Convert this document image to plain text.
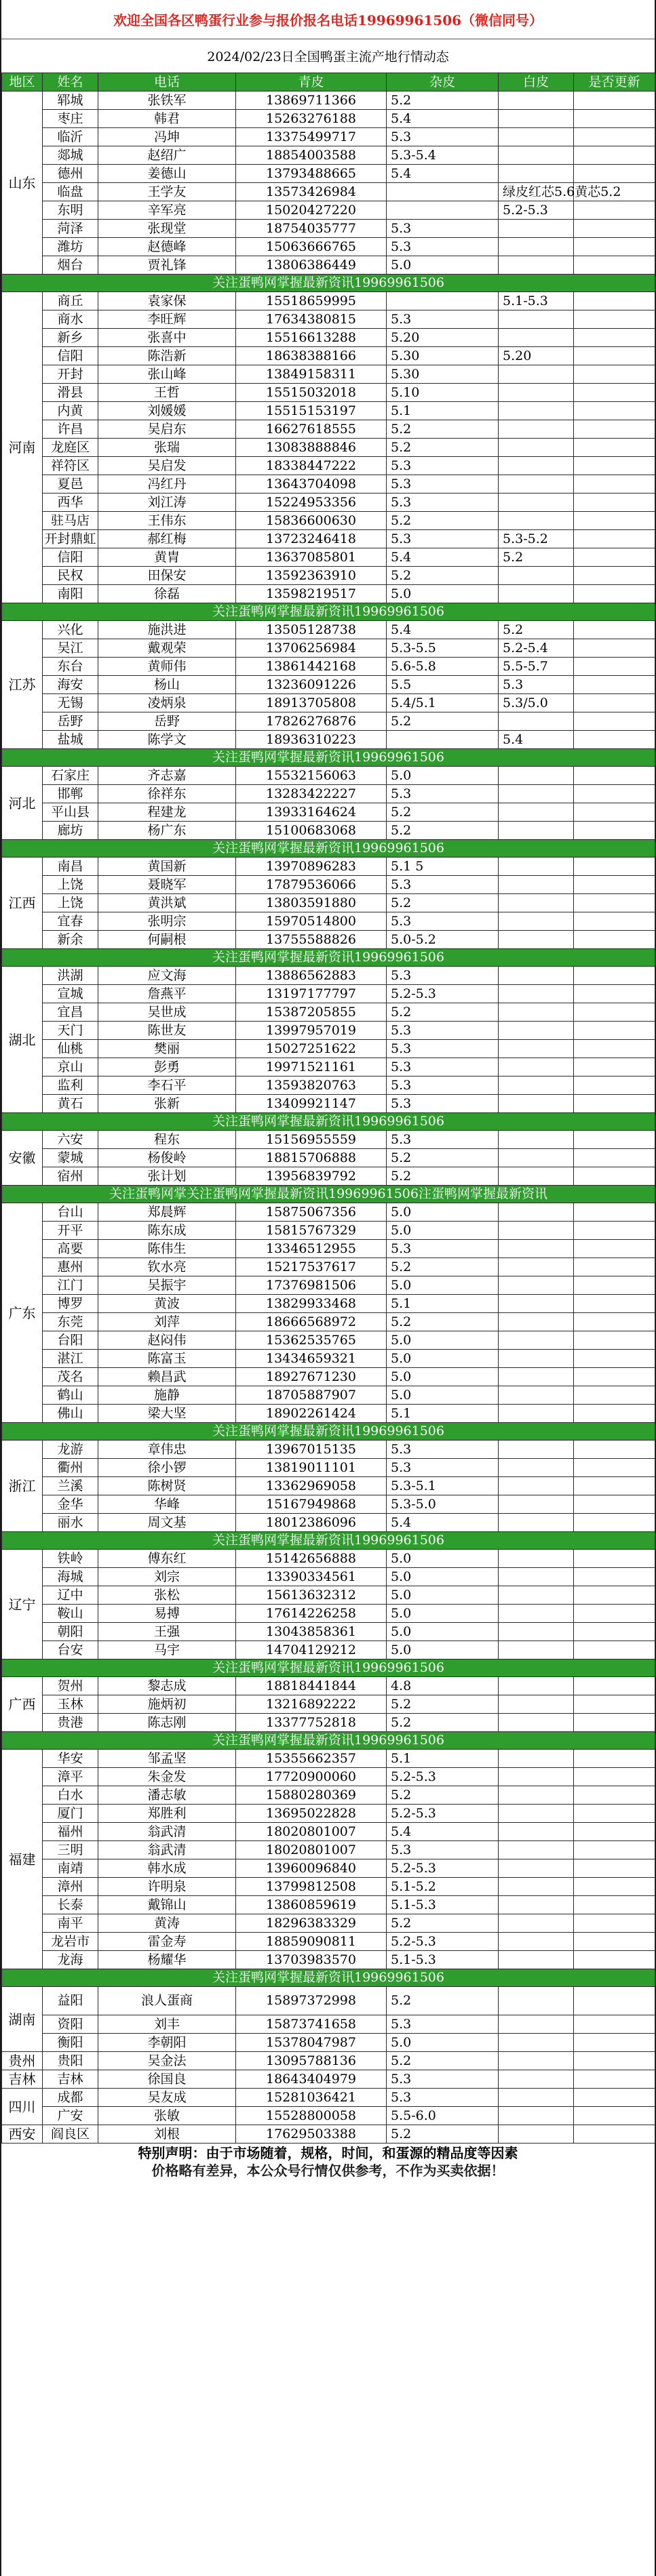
欢迎全国各区鸭蛋行业参与报价报名电话19969961506（微信同号）
2024/02/23日全国鸭蛋主流产地行情动态
地区	姓名	电话	青皮	杂皮	白皮	是否更新	
山东	郓城	张铁军	13869711366	5.2			
	枣庄	韩君	15263276188	5.4			
	临沂	冯坤	13375499717	5.3			
	郯城	赵绍广	18854003588	5.3-5.4			
	德州	姜德山	13793488665	5.4			
	临盘	王学友	13573426984		绿皮红芯5.6黄芯5.2		
	东明	辛军亮	15020427220		5.2-5.3		
	菏泽	张现堂	18754035777	5.3			
	潍坊	赵德峰	15063666765	5.3			
	烟台	贾礼锋	13806386449	5.0			
关注蛋鸭网掌握最新资讯19969961506							
河南	商丘	袁家保	15518659995		5.1-5.3		
	商水	李旺辉	17634380815	5.3			
	新乡	张喜中	15516613288	5.20			
	信阳	陈浩新	18638388166	5.30	5.20		
	开封	张山峰	13849158311	5.30			
	滑县	王哲	15515032018	5.10			
	内黄	刘媛媛	15515153197	5.1			
	许昌	吴启东	16627618555	5.2			
	龙庭区	张瑞	13083888846	5.2			
	祥符区	吴启发	18338447222	5.3			
	夏邑	冯红丹	13643704098	5.3			
	西华	刘江涛	15224953356	5.3			
	驻马店	王伟东	15836600630	5.2			
	开封鼎虹	郝红梅	13723246418	5.3	5.3-5.2		
	信阳	黄胄	13637085801	5.4	5.2		
	民权	田保安	13592363910	5.2			
	南阳	徐磊	13598219517	5.0			
关注蛋鸭网掌握最新资讯19969961506							
江苏	兴化	施洪进	13505128738	5.4	5.2		
	吴江	戴观荣	13706256984	5.3-5.5	5.2-5.4		
	东台	黄师伟	13861442168	5.6-5.8	5.5-5.7		
	海安	杨山	13236091226	5.5	5.3		
	无锡	凌炳泉	18913705808	5.4/5.1	5.3/5.0		
	岳野	岳野	17826276876	5.2			
	盐城	陈学文	18936310223		5.4		
关注蛋鸭网掌握最新资讯19969961506							
河北	石家庄	齐志嘉	15532156063	5.0			
	邯郸	徐祥东	13283422227	5.3			
	平山县	程建龙	13933164624	5.2			
	廊坊	杨广东	15100683068	5.2			
关注蛋鸭网掌握最新资讯19969961506							
江西	南昌	黄国新	13970896283	5.1 5			
	上饶	聂晓军	17879536066	5.3			
	上饶	黄洪斌	13803591880	5.2			
	宜春	张明宗	15970514800	5.3			
	新余	何嗣根	13755588826	5.0-5.2			
关注蛋鸭网掌握最新资讯19969961506							
湖北	洪湖	应文海	13886562883	5.3			
	宣城	詹燕平	13197177797	5.2-5.3			
	宜昌	吴世成	15387205855	5.2			
	天门	陈世友	13997957019	5.3			
	仙桃	樊丽	15027251622	5.3			
	京山	彭勇	19971521161	5.3			
	监利	李石平	13593820763	5.3			
	黄石	张新	13409921147	5.3			
关注蛋鸭网掌握最新资讯19969961506							
安徽	六安	程东	15156955559	5.3			
	蒙城	杨俊岭	18815706888	5.2			
	宿州	张计划	13956839792	5.2			
关注蛋鸭网掌关注蛋鸭网掌握最新资讯19969961506注蛋鸭网掌握最新资讯							
广东	台山	郑晨辉	15875067356	5.0			
	开平	陈东成	15815767329	5.0			
	高要	陈伟生	13346512955	5.3			
	惠州	钦水亮	15217537617	5.2			
	江门	吴振宇	17376981506	5.0			
	博罗	黄波	13829933468	5.1			
	东莞	刘萍	18666568972	5.2			
	台阳	赵闷伟	15362535765	5.0			
	湛江	陈富玉	13434659321	5.0			
	茂名	赖昌武	18927671230	5.0			
	鹤山	施静	18705887907	5.0			
	佛山	梁大坚	18902261424	5.1			
关注蛋鸭网掌握最新资讯19969961506							
浙江	龙游	章伟忠	13967015135	5.3			
	衢州	徐小锣	13819011101	5.3			
	兰溪	陈树贤	13362969058	5.3-5.1			
	金华	华峰	15167949868	5.3-5.0			
	丽水	周文基	18012386096	5.4			
关注蛋鸭网掌握最新资讯19969961506							
辽宁	铁岭	傅东红	15142656888	5.0			
	海城	刘宗	13390334561	5.0			
	辽中	张松	15613632312	5.0			
	鞍山	易搏	17614226258	5.0			
	朝阳	王强	13043858361	5.0			
	台安	马宇	14704129212	5.0			
关注蛋鸭网掌握最新资讯19969961506							
广西	贺州	黎志成	18818441844	4.8			
	玉林	施炳初	13216892222	5.2			
	贵港	陈志刚	13377752818	5.2			
关注蛋鸭网掌握最新资讯19969961506							
福建	华安	邹孟坚	15355662357	5.1			
	漳平	朱金发	17720900060	5.2-5.3			
	白水	潘志敏	15880280369	5.2			
	厦门	郑胜利	13695022828	5.2-5.3			
	福州	翁武清	18020801007	5.4			
	三明	翁武清	18020801007	5.3			
	南靖	韩水成	13960096840	5.2-5.3			
	漳州	许明泉	13799812508	5.1-5.2			
	长泰	戴锦山	13860859619	5.1-5.3			
	南平	黄涛	18296383329	5.2			
	龙岩市	雷金寿	18859090811	5.2-5.3			
	龙海	杨耀华	13703983570	5.1-5.3			
关注蛋鸭网掌握最新资讯19969961506							
湖南	益阳	浪人蛋商	15897372998	5.2			
	资阳	刘丰	15873741658	5.3			
	衡阳	李朝阳	15378047987	5.0			
贵州	贵阳	吴金法	13095788136	5.2			
吉林	吉林	徐国良	18643404979	5.3			
四川	成都	吴友成	15281036421	5.3			
	广安	张敏	15528800058	5.5-6.0			
西安	阎良区	刘根	17629503388	5.2			
特别声明：由于市场随着，规格，时间，和蛋源的精品度等因素
价格略有差异，本公众号行情仅供参考，不作为买卖依据！
